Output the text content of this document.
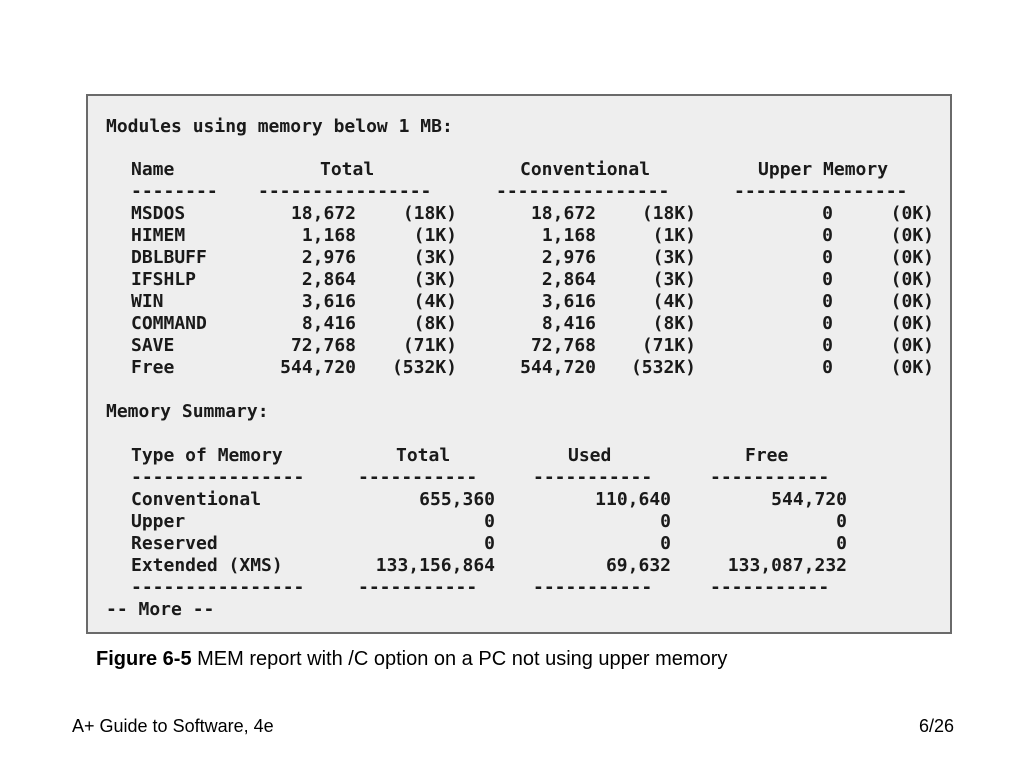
Modules using memory below 1 MB:
Name	Total	Conventional	Upper Memory
-------- ----------------	----------------	----------------
MSDOS	18,672	(18K)	18,672	(18K)	0	(0K)
HIMEM	1,168	(1K)	1,168	(1K)	0	(0K)
DBLBUFF	2,976	(3K)	2,976	(3K)	0	(0K)
IFSHLP	2,864	(3K)	2,864	(3K)	0	(0K)
WIN	3,616	(4K)	3,616	(4K)	0	(0K)
COMMAND	8,416	(8K)	8,416	(8K)	0	(0K)
SAVE	72,768	(71K)	72,768	(71K)	0	(0K)
Free	544,720	(532K)	544,720	(532K)	0	(0K)
Memory Summary:
Type of Memory	Total	Used	Free
----------------	-----------	-----------	-----------
Conventional	655,360	110,640	544,720
Upper	0	0	0
Reserved	0	0	0
Extended (XMS)	133,156,864	69,632	133,087,232
----------------	-----------	-----------	-----------
-- More --
Figure 6-5 MEM report with /C option on a PC not using upper memory
A+ Guide to Software, 4e	6/26
